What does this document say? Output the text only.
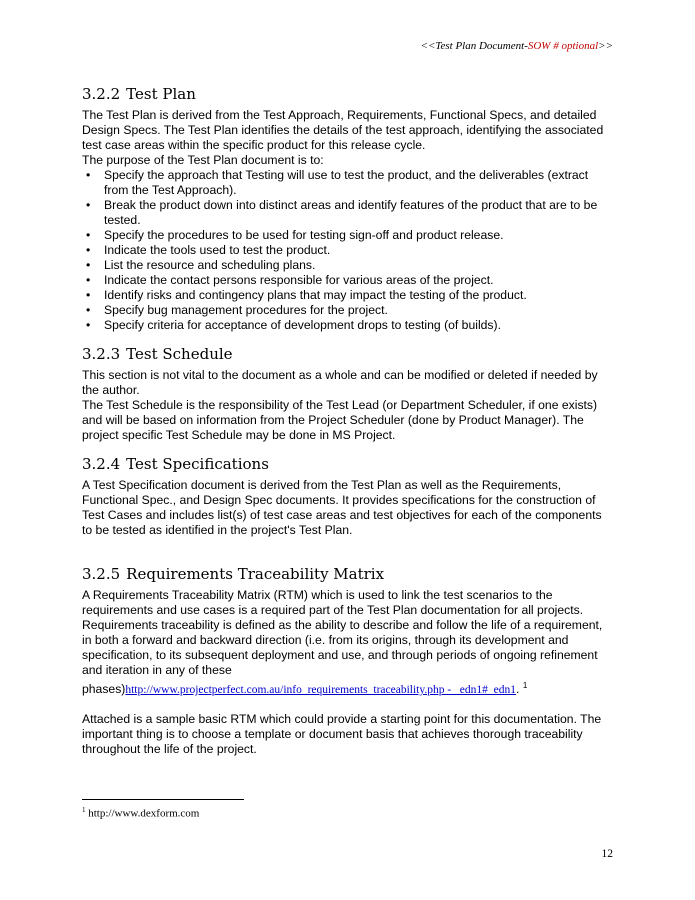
<<Test Plan Document-SOW # optional>>
3.2.2 Test Plan

The Test Plan is derived from the Test Approach, Requirements, Functional Specs, and detailed Design Specs. The Test Plan identifies the details of the test approach, identifying the associated test case areas within the specific product for this release cycle.

The purpose of the Test Plan document is to:

• Specify the approach that Testing will use to test the product, and the deliverables (extract from the Test Approach).
• Break the product down into distinct areas and identify features of the product that are to be tested.
• Specify the procedures to be used for testing sign-off and product release.
• Indicate the tools used to test the product.
• List the resource and scheduling plans.
• Indicate the contact persons responsible for various areas of the project.
• Identify risks and contingency plans that may impact the testing of the product.
• Specify bug management procedures for the project.
• Specify criteria for acceptance of development drops to testing (of builds).
3.2.3 Test Schedule

This section is not vital to the document as a whole and can be modified or deleted if needed by the author.

The Test Schedule is the responsibility of the Test Lead (or Department Scheduler, if one exists) and will be based on information from the Project Scheduler (done by Product Manager). The project specific Test Schedule may be done in MS Project.

3.2.4 Test Specifications

A Test Specification document is derived from the Test Plan as well as the Requirements, Functional Spec., and Design Spec documents. It provides specifications for the construction of Test Cases and includes list(s) of test case areas and test objectives for each of the components to be tested as identified in the project's Test Plan.

3.2.5 Requirements Traceability Matrix

A Requirements Traceability Matrix (RTM) which is used to link the test scenarios to the requirements and use cases is a required part of the Test Plan documentation for all projects. Requirements traceability is defined as the ability to describe and follow the life of a requirement, in both a forward and backward direction (i.e. from its origins, through its development and specification, to its subsequent deployment and use, and through periods of ongoing refinement and iteration in any of these
phases)http://www.projectperfect.com.au/info_requirements_traceability.php - _edn1#_edn1. $^1$

Attached is a sample basic RTM which could provide a starting point for this documentation. The important thing is to choose a template or document basis that achieves thorough traceability throughout the life of the project.

$^1$ http://www.dexform.com
12
